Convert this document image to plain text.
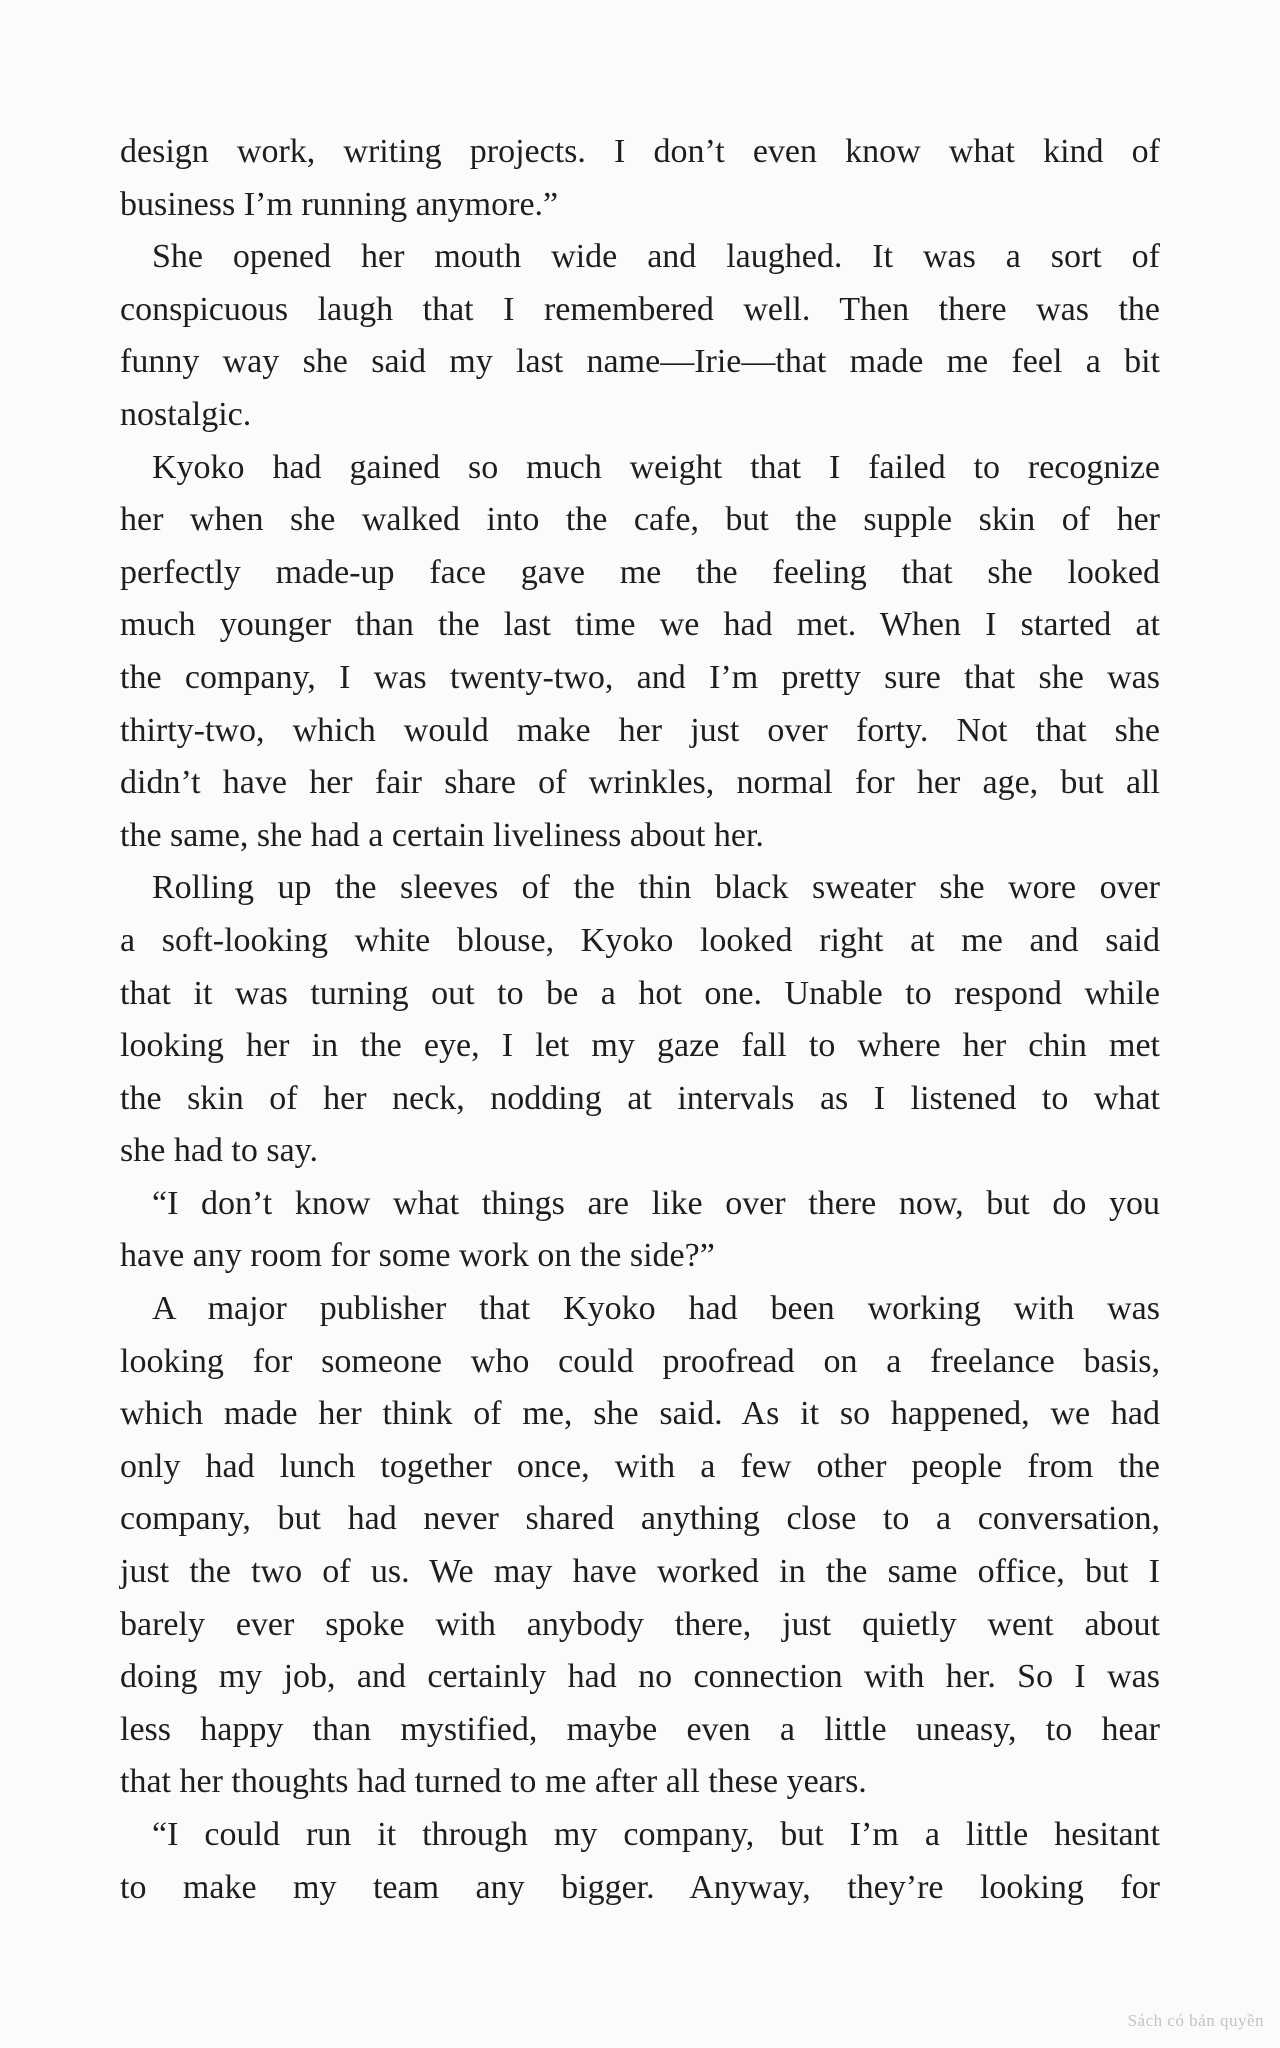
design work, writing projects. I don’t even know what kind of
business I’m running anymore.”
She opened her mouth wide and laughed. It was a sort of
conspicuous laugh that I remembered well. Then there was the
funny way she said my last name—Irie—that made me feel a bit
nostalgic.
Kyoko had gained so much weight that I failed to recognize
her when she walked into the cafe, but the supple skin of her
perfectly made-up face gave me the feeling that she looked
much younger than the last time we had met. When I started at
the company, I was twenty-two, and I’m pretty sure that she was
thirty-two, which would make her just over forty. Not that she
didn’t have her fair share of wrinkles, normal for her age, but all
the same, she had a certain liveliness about her.
Rolling up the sleeves of the thin black sweater she wore over
a soft-looking white blouse, Kyoko looked right at me and said
that it was turning out to be a hot one. Unable to respond while
looking her in the eye, I let my gaze fall to where her chin met
the skin of her neck, nodding at intervals as I listened to what
she had to say.
“I don’t know what things are like over there now, but do you
have any room for some work on the side?”
A major publisher that Kyoko had been working with was
looking for someone who could proofread on a freelance basis,
which made her think of me, she said. As it so happened, we had
only had lunch together once, with a few other people from the
company, but had never shared anything close to a conversation,
just the two of us. We may have worked in the same office, but I
barely ever spoke with anybody there, just quietly went about
doing my job, and certainly had no connection with her. So I was
less happy than mystified, maybe even a little uneasy, to hear
that her thoughts had turned to me after all these years.
“I could run it through my company, but I’m a little hesitant
to make my team any bigger. Anyway, they’re looking for
Sách có bản quyền
